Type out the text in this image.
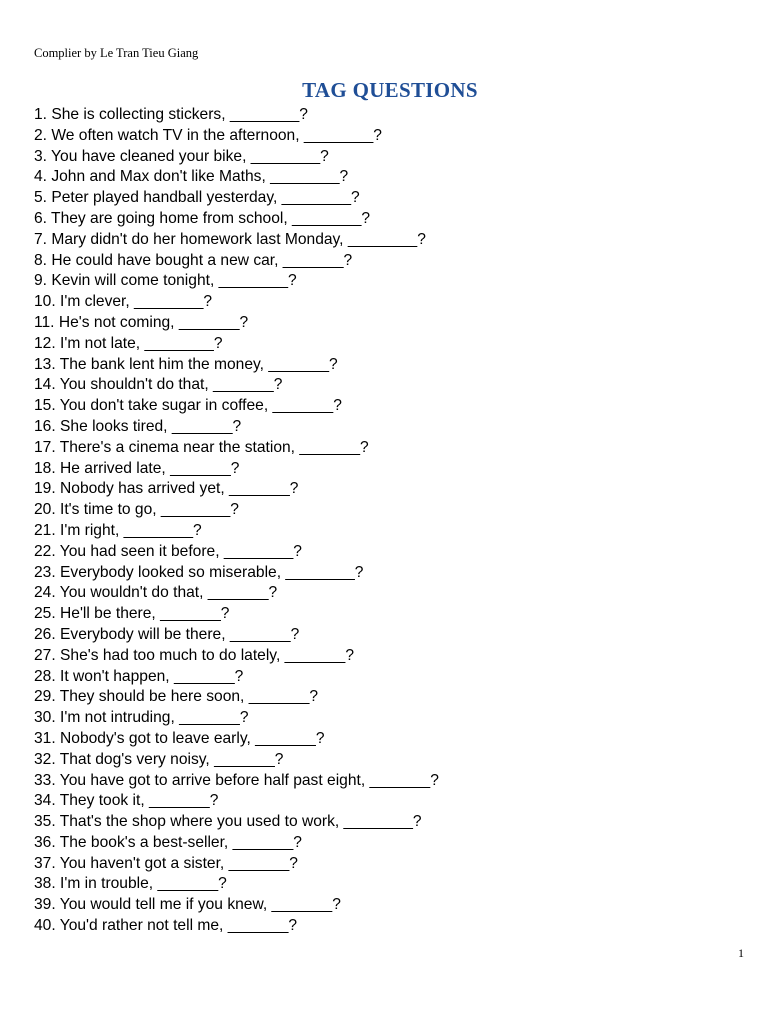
Complier by Le Tran Tieu Giang
TAG QUESTIONS
1. She is collecting stickers, ________?
2. We often watch TV in the afternoon, ________?
3. You have cleaned your bike, ________?
4. John and Max don't like Maths, ________?
5. Peter played handball yesterday, ________?
6. They are going home from school, ________?
7. Mary didn't do her homework last Monday, ________?
8. He could have bought a new car, _______?
9. Kevin will come tonight, ________?
10. I'm clever, ________?
11. He's not coming, _______?
12. I'm not late, ________?
13. The bank lent him the money, _______?
14. You shouldn't do that, _______?
15. You don't take sugar in coffee, _______?
16. She looks tired, _______?
17. There's a cinema near the station, _______?
18. He arrived late, _______?
19. Nobody has arrived yet, _______?
20. It's time to go, ________?
21. I'm right, ________?
22. You had seen it before, ________?
23. Everybody looked so miserable, ________?
24. You wouldn't do that, _______?
25. He'll be there, _______?
26. Everybody will be there, _______?
27. She's had too much to do lately, _______?
28. It won't happen, _______?
29. They should be here soon, _______?
30. I'm not intruding, _______?
31. Nobody's got to leave early, _______?
32. That dog's very noisy, _______?
33. You have got to arrive before half past eight, _______?
34. They took it, _______?
35. That's the shop where you used to work, ________?
36. The book's a best-seller, _______?
37. You haven't got a sister, _______?
38. I'm in trouble, _______?
39. You would tell me if you knew, _______?
40. You'd rather not tell me, _______?
1
